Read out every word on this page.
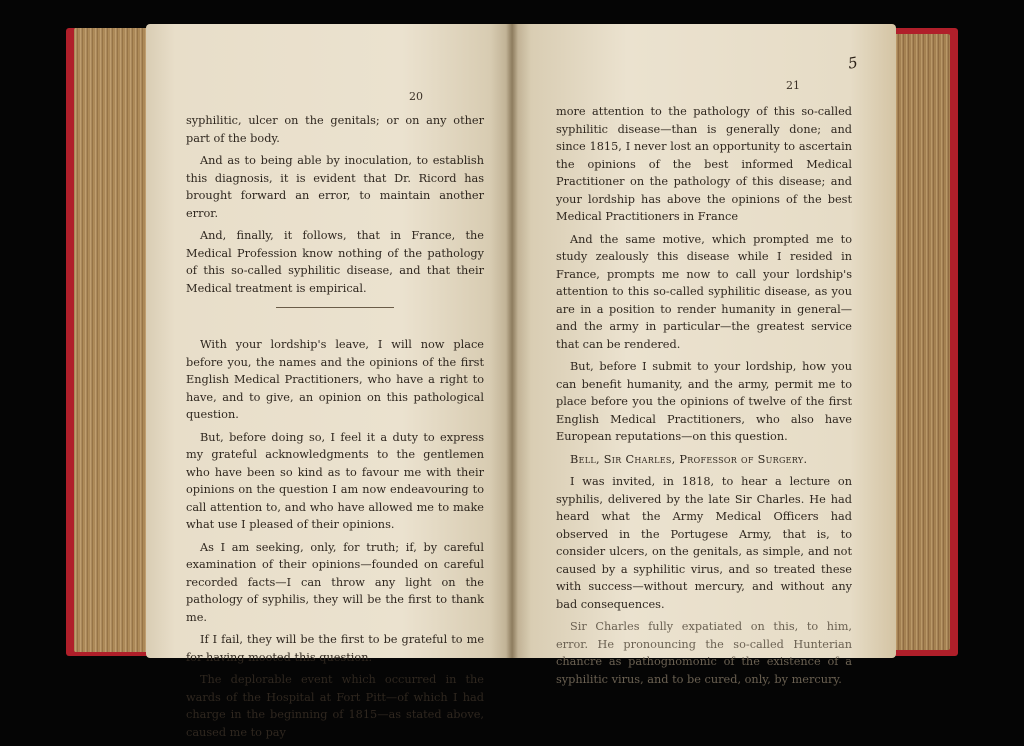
20

syphilitic, ulcer on the genitals; or on any other part of the body.

And as to being able by inoculation, to establish this diagnosis, it is evident that Dr. Ricord has brought forward an error, to maintain another error.

And, finally, it follows, that in France, the Medical Profession know nothing of the pathology of this so-called syphilitic disease, and that their Medical treatment is empirical.

With your lordship's leave, I will now place before you, the names and the opinions of the first English Medical Practitioners, who have a right to have, and to give, an opinion on this pathological question.

But, before doing so, I feel it a duty to express my grateful acknowledgments to the gentlemen who have been so kind as to favour me with their opinions on the question I am now endeavouring to call attention to, and who have allowed me to make what use I pleased of their opinions.

As I am seeking, only, for truth; if, by careful examination of their opinions—founded on careful recorded facts—I can throw any light on the pathology of syphilis, they will be the first to thank me.

If I fail, they will be the first to be grateful to me for having mooted this question.

The deplorable event which occurred in the wards of the Hospital at Fort Pitt—of which I had charge in the beginning of 1815—as stated above, caused me to pay

21

more attention to the pathology of this so-called syphilitic disease—than is generally done; and since 1815, I never lost an opportunity to ascertain the opinions of the best informed Medical Practitioner on the pathology of this disease; and your lordship has above the opinions of the best Medical Practitioners in France

And the same motive, which prompted me to study zealously this disease while I resided in France, prompts me now to call your lordship's attention to this so-called syphilitic disease, as you are in a position to render humanity in general—and the army in particular—the greatest service that can be rendered.

But, before I submit to your lordship, how you can benefit humanity, and the army, permit me to place before you the opinions of twelve of the first English Medical Practitioners, who also have European reputations—on this question.

Bell, Sir Charles, Professor of Surgery.

I was invited, in 1818, to hear a lecture on syphilis, delivered by the late Sir Charles. He had heard what the Army Medical Officers had observed in the Portugese Army, that is, to consider ulcers, on the genitals, as simple, and not caused by a syphilitic virus, and so treated these with success—without mercury, and without any bad consequences.

Sir Charles fully expatiated on this, to him, error. He pronouncing the so-called Hunterian chancre as pathognomonic of the existence of a syphilitic virus, and to be cured, only, by mercury.

5
